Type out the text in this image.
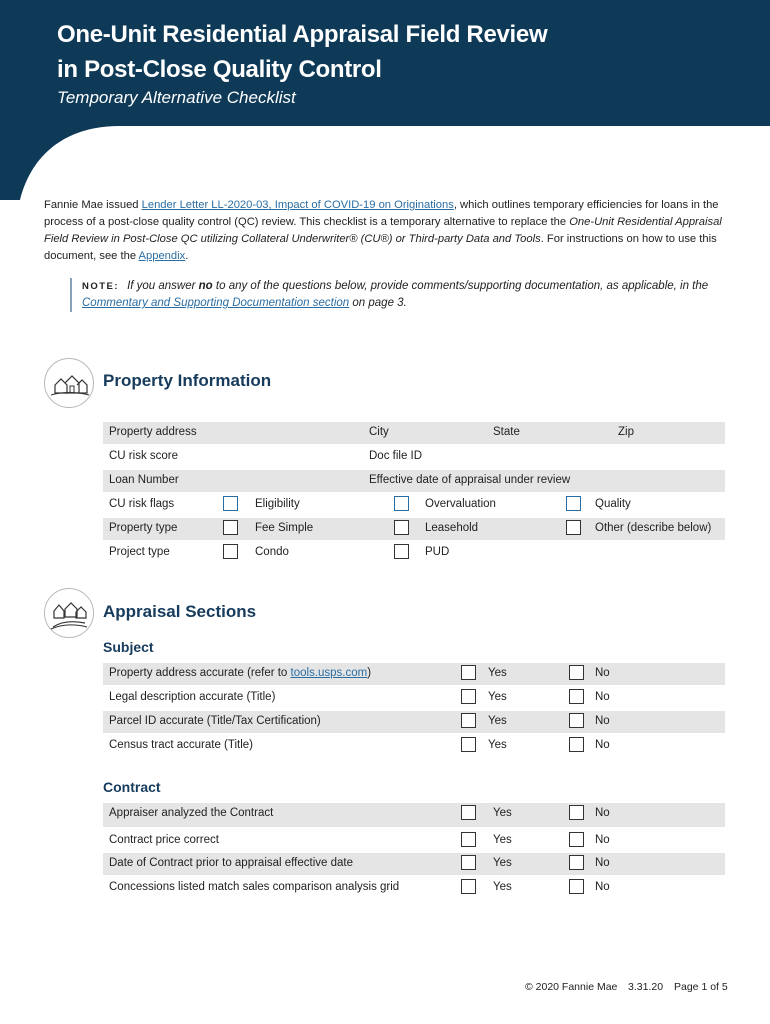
One-Unit Residential Appraisal Field Review
in Post-Close Quality Control

Temporary Alternative Checklist

Fannie Mae issued Lender Letter LL-2020-03, Impact of COVID-19 on Originations, which outlines temporary efficiencies for loans in the process of a post-close quality control (QC) review. This checklist is a temporary alternative to replace the One-Unit Residential Appraisal Field Review in Post-Close QC utilizing Collateral Underwriter® (CU®) or Third-party Data and Tools. For instructions on how to use this document, see the Appendix.

NOTE: If you answer no to any of the questions below, provide comments/supporting documentation, as applicable, in the Commentary and Supporting Documentation section on page 3.
Property Information
Property address	City	State	Zip
CU risk score	Doc file ID
Loan Number	Effective date of appraisal under review
CU risk flags	Eligibility	Overvaluation	Quality
Property type	Fee Simple	Leasehold	Other (describe below)
Project type	Condo	PUD
Appraisal Sections
Subject
Property address accurate (refer to tools.usps.com)	Yes	No
Legal description accurate (Title)	Yes	No
Parcel ID accurate (Title/Tax Certification)	Yes	No
Census tract accurate (Title)	Yes	No
Contract
Appraiser analyzed the Contract	Yes	No
Contract price correct	Yes	No
Date of Contract prior to appraisal effective date	Yes	No
Concessions listed match sales comparison analysis grid	Yes	No
© 2020 Fannie Mae 3.31.20 Page 1 of 5
